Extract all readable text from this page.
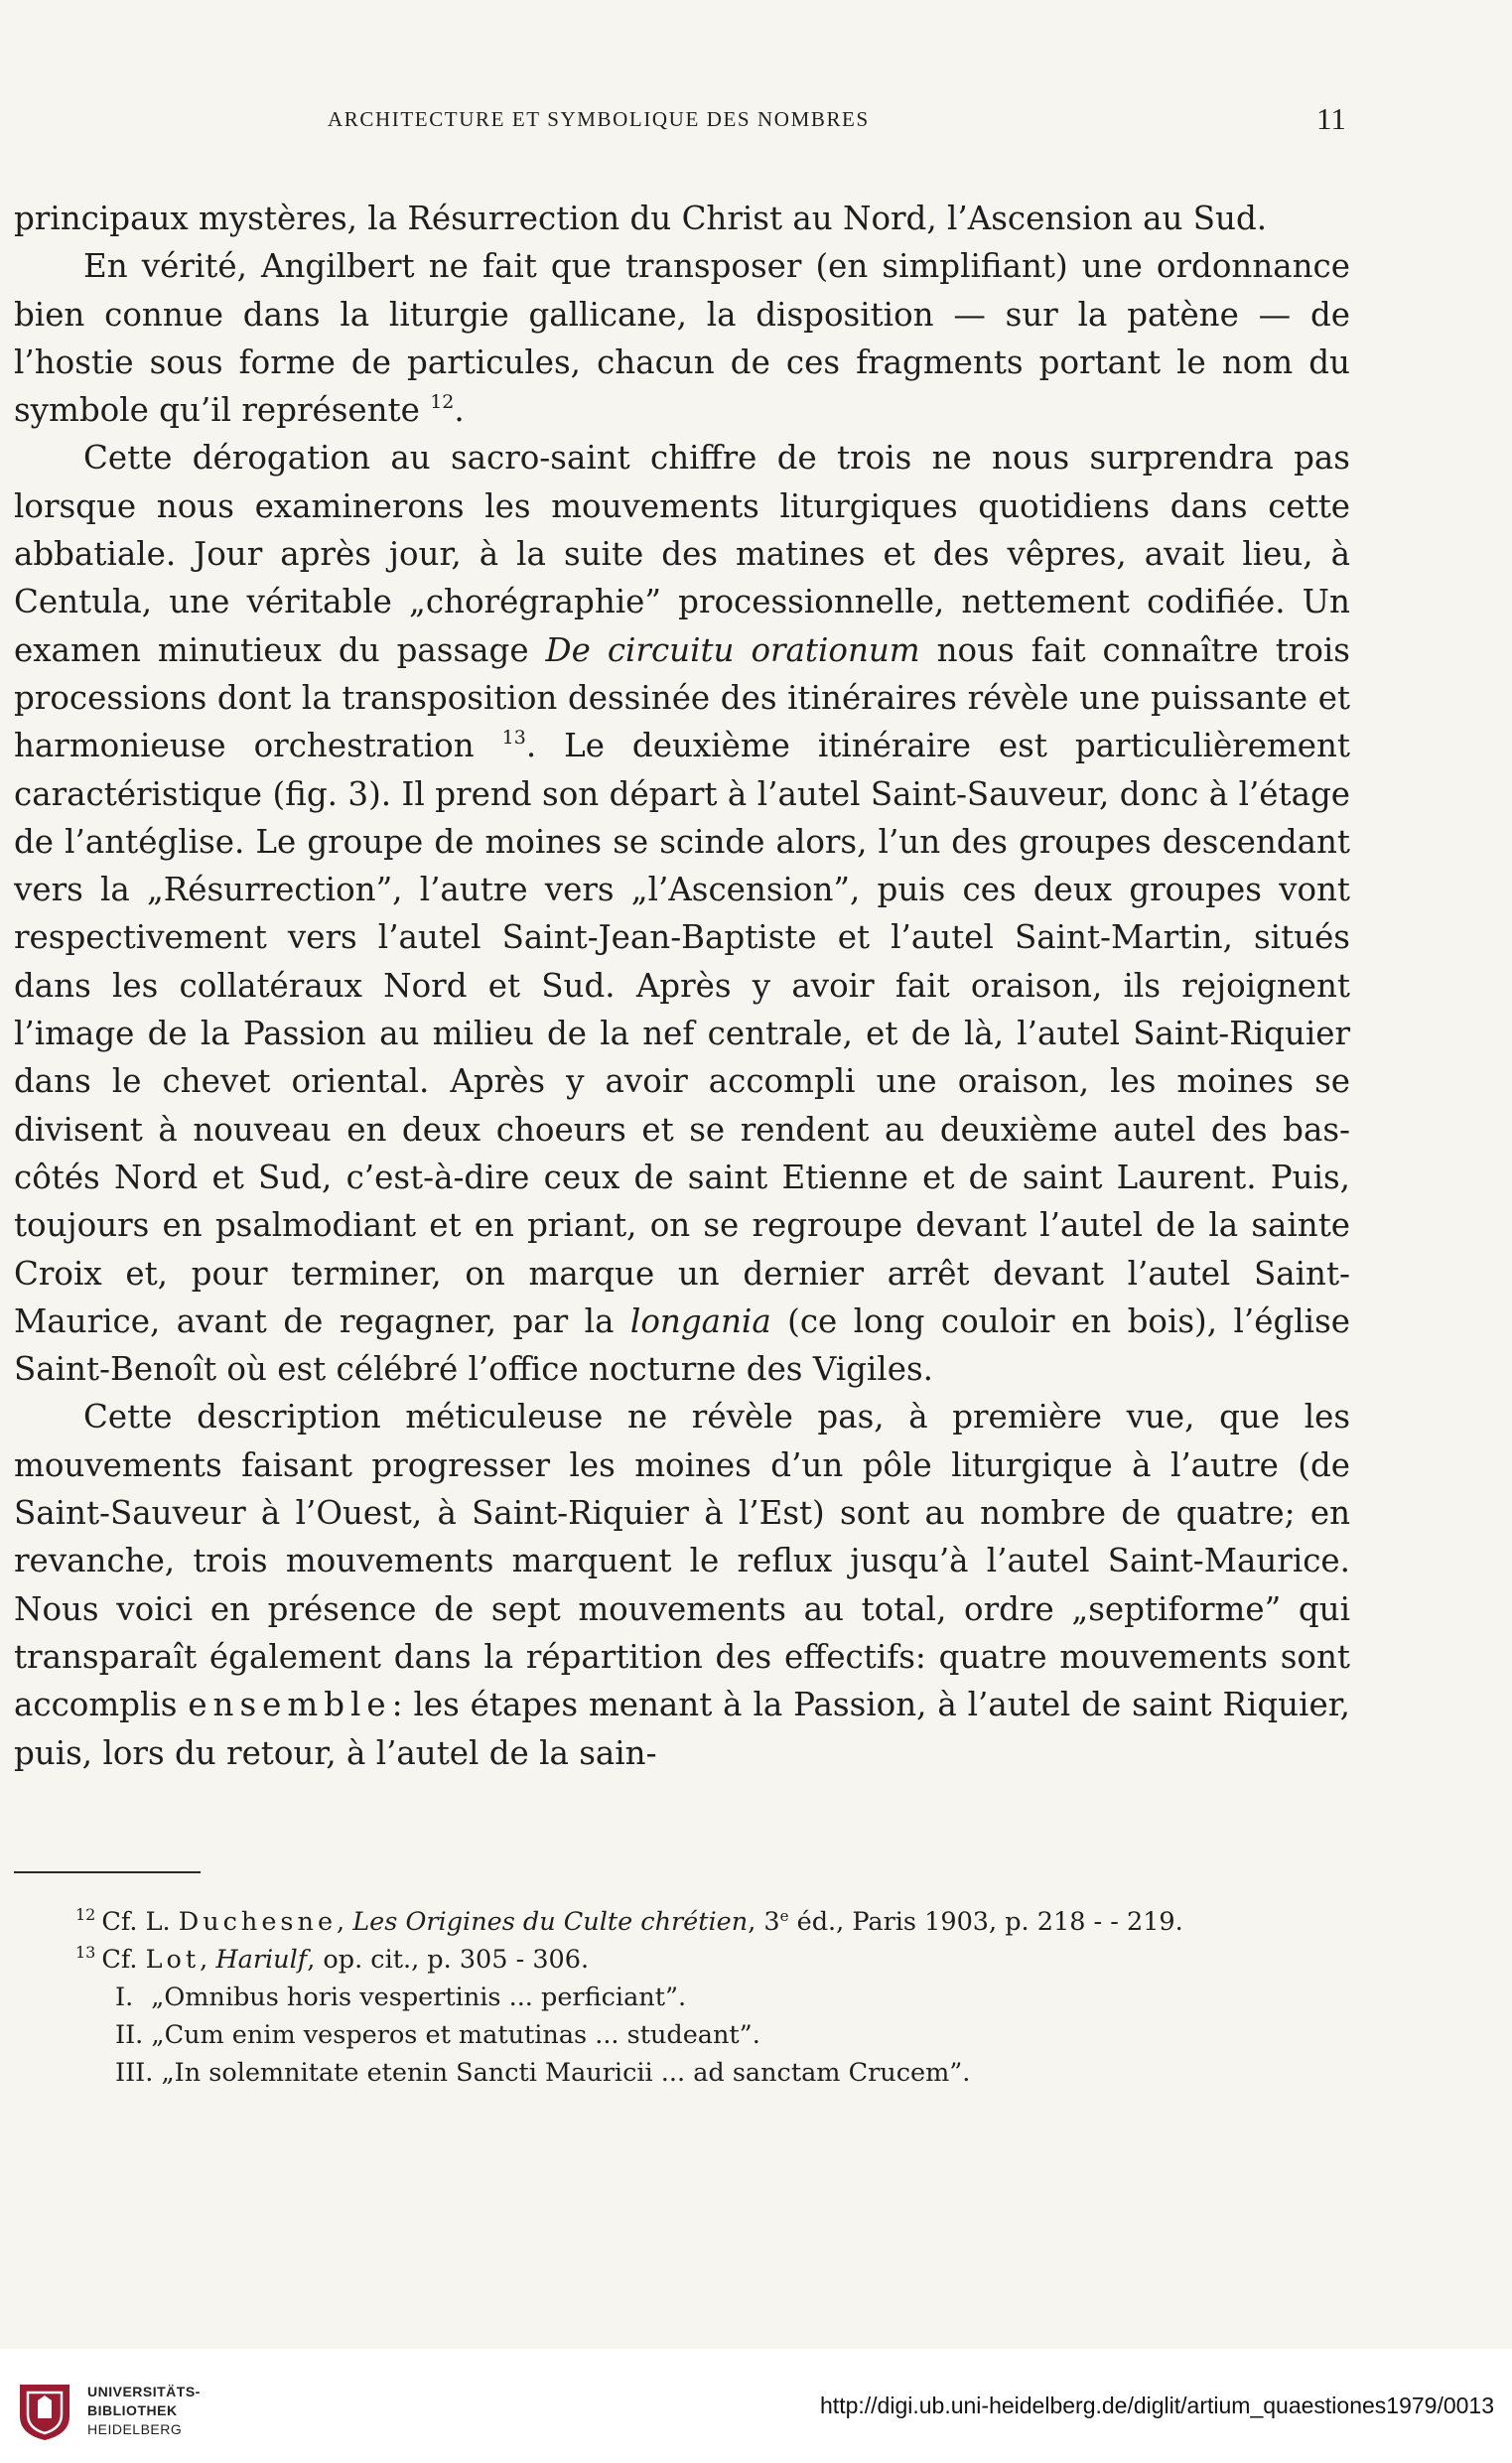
ARCHITECTURE ET SYMBOLIQUE DES NOMBRES	11

principaux mystères, la Résurrection du Christ au Nord, l’Ascension au Sud.

En vérité, Angilbert ne fait que transposer (en simplifiant) une ordonnance bien connue dans la liturgie gallicane, la disposition — sur la patène — de l’hostie sous forme de particules, chacun de ces fragments portant le nom du symbole qu’il représente $^{12}$.

Cette dérogation au sacro-saint chiffre de trois ne nous surprendra pas lorsque nous examinerons les mouvements liturgiques quotidiens dans cette abbatiale. Jour après jour, à la suite des matines et des vêpres, avait lieu, à Centula, une véritable „chorégraphie” processionnelle, nettement codifiée. Un examen minutieux du passage De circuitu orationum nous fait connaître trois processions dont la transposition dessinée des itinéraires révèle une puissante et harmonieuse orchestration $^{13}$. Le deuxième itinéraire est particulièrement caractéristique (fig. 3). Il prend son départ à l’autel Saint-Sauveur, donc à l’étage de l’antéglise. Le groupe de moines se scinde alors, l’un des groupes descendant vers la „Résurrection”, l’autre vers „l’Ascension”, puis ces deux groupes vont respectivement vers l’autel Saint-Jean-Baptiste et l’autel Saint-Martin, situés dans les collatéraux Nord et Sud. Après y avoir fait oraison, ils rejoignent l’image de la Passion au milieu de la nef centrale, et de là, l’autel Saint-Riquier dans le chevet oriental. Après y avoir accompli une oraison, les moines se divisent à nouveau en deux choeurs et se rendent au deuxième autel des bas-côtés Nord et Sud, c’est-à-dire ceux de saint Etienne et de saint Laurent. Puis, toujours en psalmodiant et en priant, on se regroupe devant l’autel de la sainte Croix et, pour terminer, on marque un dernier arrêt devant l’autel Saint-Maurice, avant de regagner, par la longania (ce long couloir en bois), l’église Saint-Benoît où est célébré l’office nocturne des Vigiles.

Cette description méticuleuse ne révèle pas, à première vue, que les mouvements faisant progresser les moines d’un pôle liturgique à l’autre (de Saint-Sauveur à l’Ouest, à Saint-Riquier à l’Est) sont au nombre de quatre; en revanche, trois mouvements marquent le reflux jusqu’à l’autel Saint-Maurice. Nous voici en présence de sept mouvements au total, ordre „septiforme” qui transparaît également dans la répartition des effectifs: quatre mouvements sont accomplis ensemble: les étapes menant à la Passion, à l’autel de saint Riquier, puis, lors du retour, à l’autel de la sain-

$^{12}$ Cf. L. Duchesne, Les Origines du Culte chrétien, 3e éd., Paris 1903, p. 218 - - 219.

$^{13}$ Cf. Lot, Hariulf, op. cit., p. 305 - 306.

I. „Omnibus horis vespertinis ... perficiant”.

II. „Cum enim vesperos et matutinas ... studeant”.

III. „In solemnitate etenin Sancti Mauricii ... ad sanctam Crucem”.

UNIVERSITÄTS-
BIBLIOTHEK
HEIDELBERG
http://digi.ub.uni-heidelberg.de/diglit/artium_quaestiones1979/0013
